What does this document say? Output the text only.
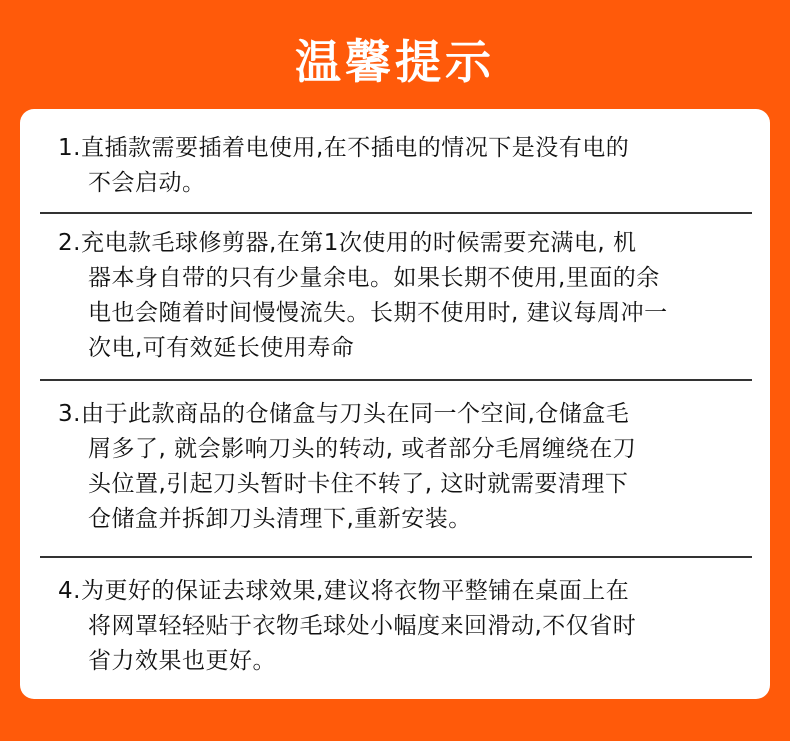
温馨提示
1.直插款需要插着电使用,在不插电的情况下是没有电的
不会启动。
2.充电款毛球修剪器,在第1次使用的时候需要充满电, 机
器本身自带的只有少量余电。如果长期不使用,里面的余
电也会随着时间慢慢流失。长期不使用时, 建议每周冲一
次电,可有效延长使用寿命
3.由于此款商品的仓储盒与刀头在同一个空间,仓储盒毛
屑多了, 就会影响刀头的转动, 或者部分毛屑缠绕在刀
头位置,引起刀头暂时卡住不转了, 这时就需要清理下
仓储盒并拆卸刀头清理下,重新安装。
4.为更好的保证去球效果,建议将衣物平整铺在桌面上在
将网罩轻轻贴于衣物毛球处小幅度来回滑动,不仅省时
省力效果也更好。
